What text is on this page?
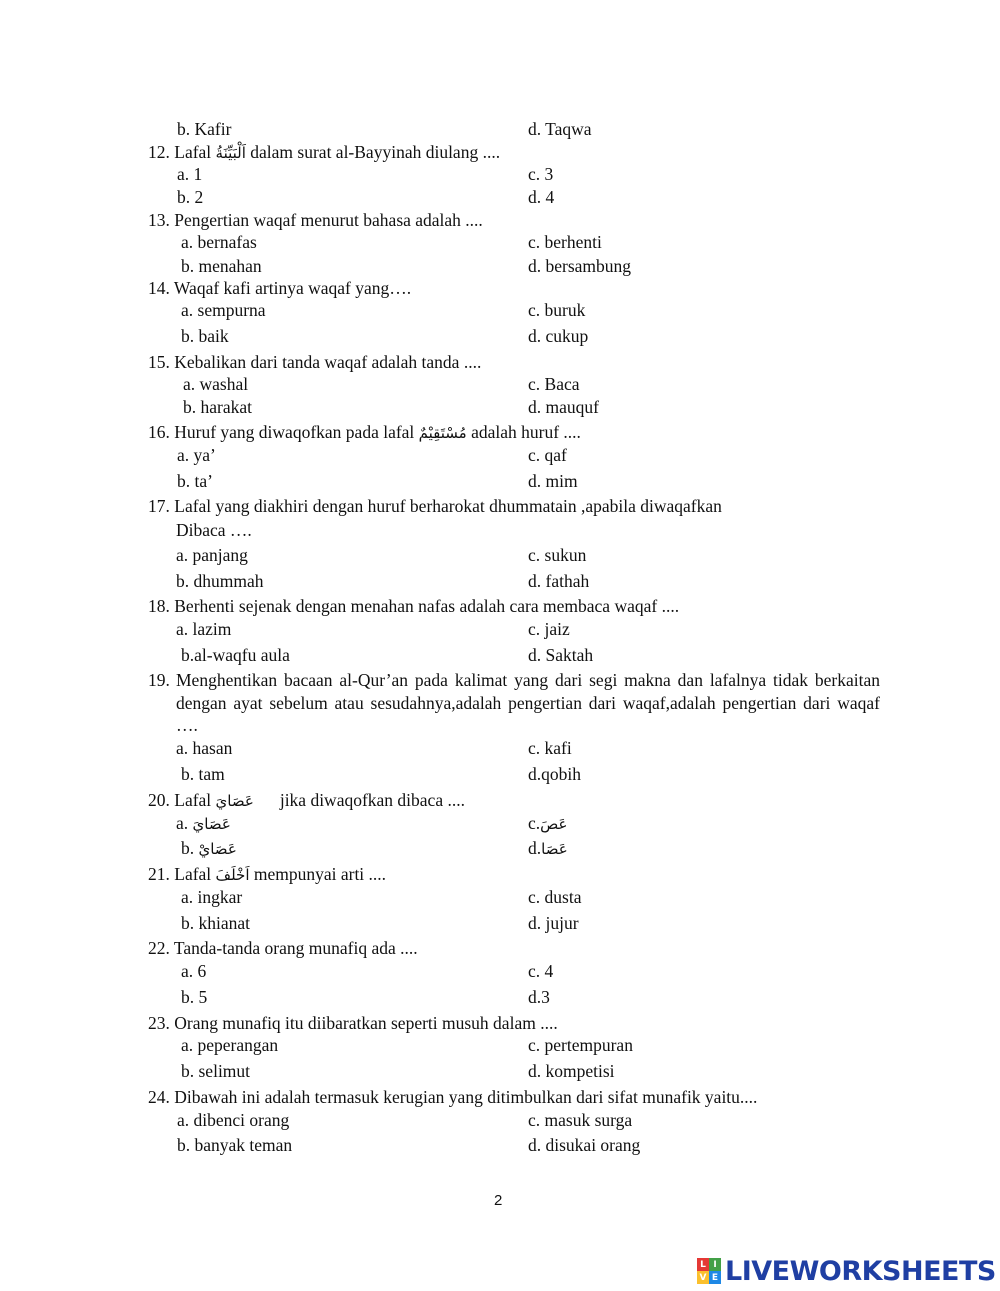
b. Kafir	d. Taqwa
12. Lafal اَلْبَيِّنَةُ dalam surat al-Bayyinah diulang ....
a. 1	c. 3
b. 2	d. 4
13. Pengertian waqaf menurut bahasa adalah ....
a. bernafas	c. berhenti
b. menahan	d. bersambung
14. Waqaf kafi artinya waqaf yang….
a. sempurna	c. buruk
b. baik	d. cukup
15. Kebalikan dari tanda waqaf adalah tanda ....
a. washal	c. Baca
b. harakat	d. mauquf
16. Huruf yang diwaqofkan pada lafal مُسْتَقِيْمٌ adalah huruf ....
a. ya’	c. qaf
b. ta’	d. mim
17. Lafal yang diakhiri dengan huruf berharokat dhummatain ,apabila diwaqafkan
Dibaca ….
a. panjang	c. sukun
b. dhummah	d. fathah
18. Berhenti sejenak dengan menahan nafas adalah cara membaca waqaf ....
a. lazim	c. jaiz
b.al-waqfu aula	d. Saktah
19. Menghentikan bacaan al-Qur’an pada kalimat yang dari segi makna dan lafalnya tidak berkaitan dengan ayat sebelum atau sesudahnya,adalah pengertian dari waqaf,adalah pengertian dari waqaf ….
a. hasan	c. kafi
b. tam	d.qobih
20. Lafal عَصَايَ jika diwaqofkan dibaca ....
a. عَصَايَ	c.عَصَ
b. عَصَايْ	d.عَصَا
21. Lafal اَخْلَفَ mempunyai arti ....
a. ingkar	c. dusta
b. khianat	d. jujur
22. Tanda-tanda orang munafiq ada ....
a. 6	c. 4
b. 5	d.3
23. Orang munafiq itu diibaratkan seperti musuh dalam ....
a. peperangan	c. pertempuran
b. selimut	d. kompetisi
24. Dibawah ini adalah termasuk kerugian yang ditimbulkan dari sifat munafik yaitu....
a. dibenci orang	c. masuk surga
b. banyak teman	d. disukai orang
2
L I
V E LIVEWORKSHEETS
